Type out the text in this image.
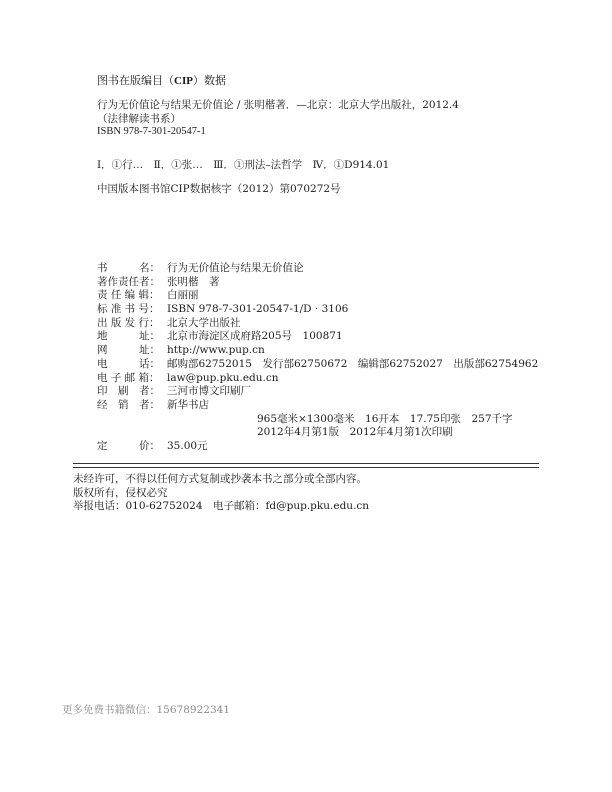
图书在版编目（CIP）数据
行为无价值论与结果无价值论 / 张明楷著．—北京：北京大学出版社，2012.4
（法律解读书系）
ISBN 978-7-301-20547-1
Ⅰ．①行…　Ⅱ．①张…　Ⅲ．①刑法–法哲学　Ⅳ．①D914.01
中国版本图书馆CIP数据核字（2012）第070272号
书　　　名： 行为无价值论与结果无价值论
著作责任者： 张明楷　著
责 任 编 辑： 白丽丽
标 准 书 号： ISBN 978-7-301-20547-1/D · 3106
出 版 发 行： 北京大学出版社
地　　　址： 北京市海淀区成府路205号　100871
网　　　址： http://www.pup.cn
电　　　话： 邮购部62752015　发行部62750672　编辑部62752027　出版部62754962
电 子 邮 箱： law@pup.pku.edu.cn
印　刷　者： 三河市博文印刷厂
经　销　者： 新华书店
965毫米×1300毫米　16开本　17.75印张　257千字
2012年4月第1版　2012年4月第1次印刷
定　　　价： 35.00元
未经许可，不得以任何方式复制或抄袭本书之部分或全部内容。
版权所有，侵权必究
举报电话：010-62752024　电子邮箱：fd@pup.pku.edu.cn
更多免费书籍微信：15678922341
